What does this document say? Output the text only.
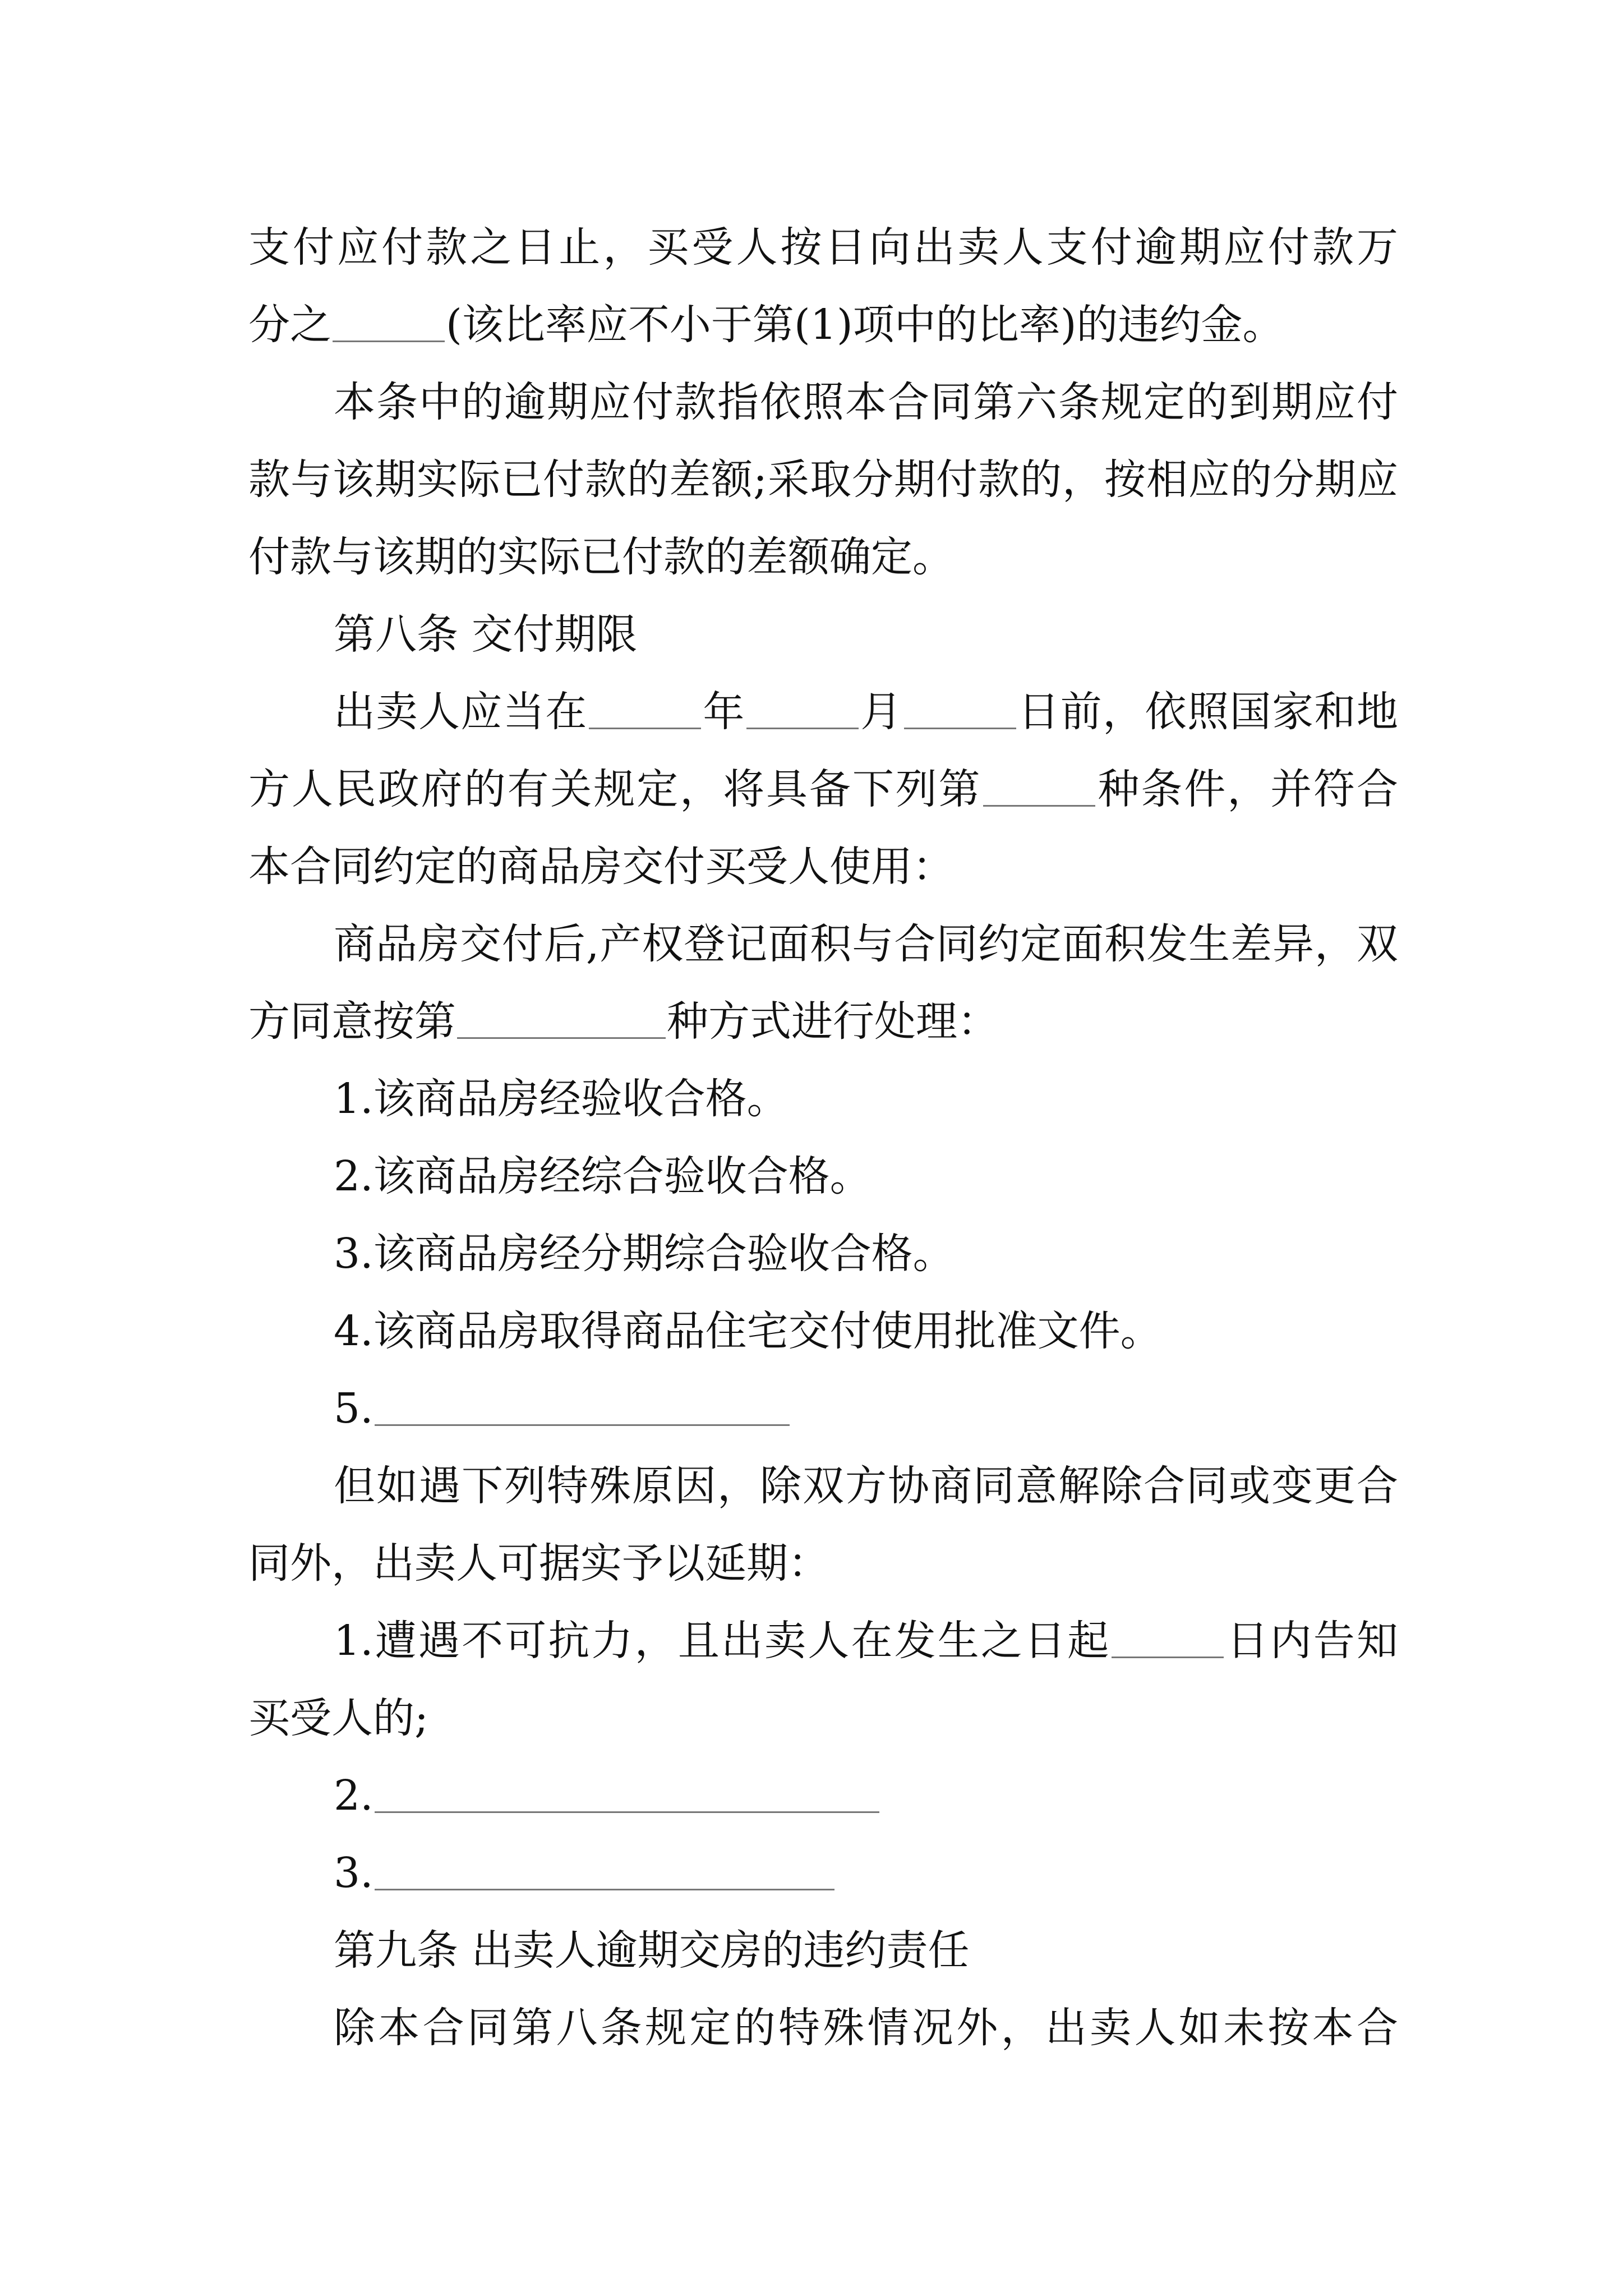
支付应付款之日止，买受人按日向出卖人支付逾期应付款万

分之	(该比率应不小于第(1)项中的比率)的违约金。

本条中的逾期应付款指依照本合同第六条规定的到期应付款与该期实际已付款的差额;采取分期付款的，按相应的分期应付款与该期的实际已付款的差额确定。

第八条 交付期限

出卖人应当在	年	月	日前，依照国家和地方人民政府的有关规定，将具备下列第	种条件，并符合本合同约定的商品房交付买受人使用：

商品房交付后,产权登记面积与合同约定面积发生差异，双方同意按第	种方式进行处理：

1.该商品房经验收合格。

2.该商品房经综合验收合格。

3.该商品房经分期综合验收合格。

4.该商品房取得商品住宅交付使用批准文件。

5.

但如遇下列特殊原因，除双方协商同意解除合同或变更合同外，出卖人可据实予以延期：

1.遭遇不可抗力，且出卖人在发生之日起	日内告知买受人的;

2.

3.

第九条 出卖人逾期交房的违约责任

除本合同第八条规定的特殊情况外，出卖人如未按本合
